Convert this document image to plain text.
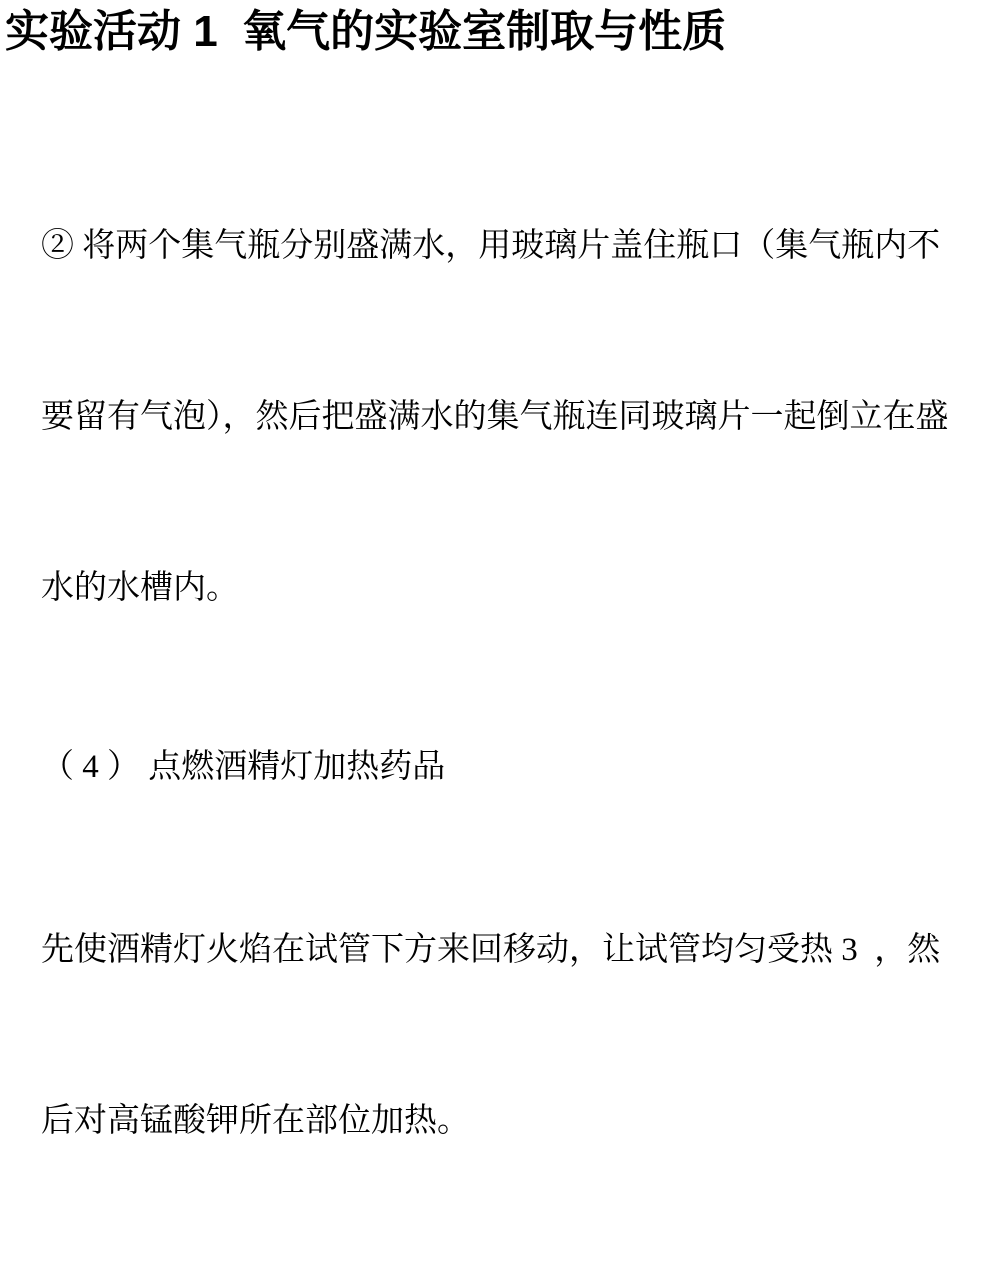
实验活动 1  氧气的实验室制取与性质

② 将两个集气瓶分别盛满水，用玻璃片盖住瓶口（集气瓶内不

要留有气泡），然后把盛满水的集气瓶连同玻璃片一起倒立在盛

水的水槽内。

（ 4 ） 点燃酒精灯加热药品

先使酒精灯火焰在试管下方来回移动，让试管均匀受热 3  ，然

后对高锰酸钾所在部位加热。
